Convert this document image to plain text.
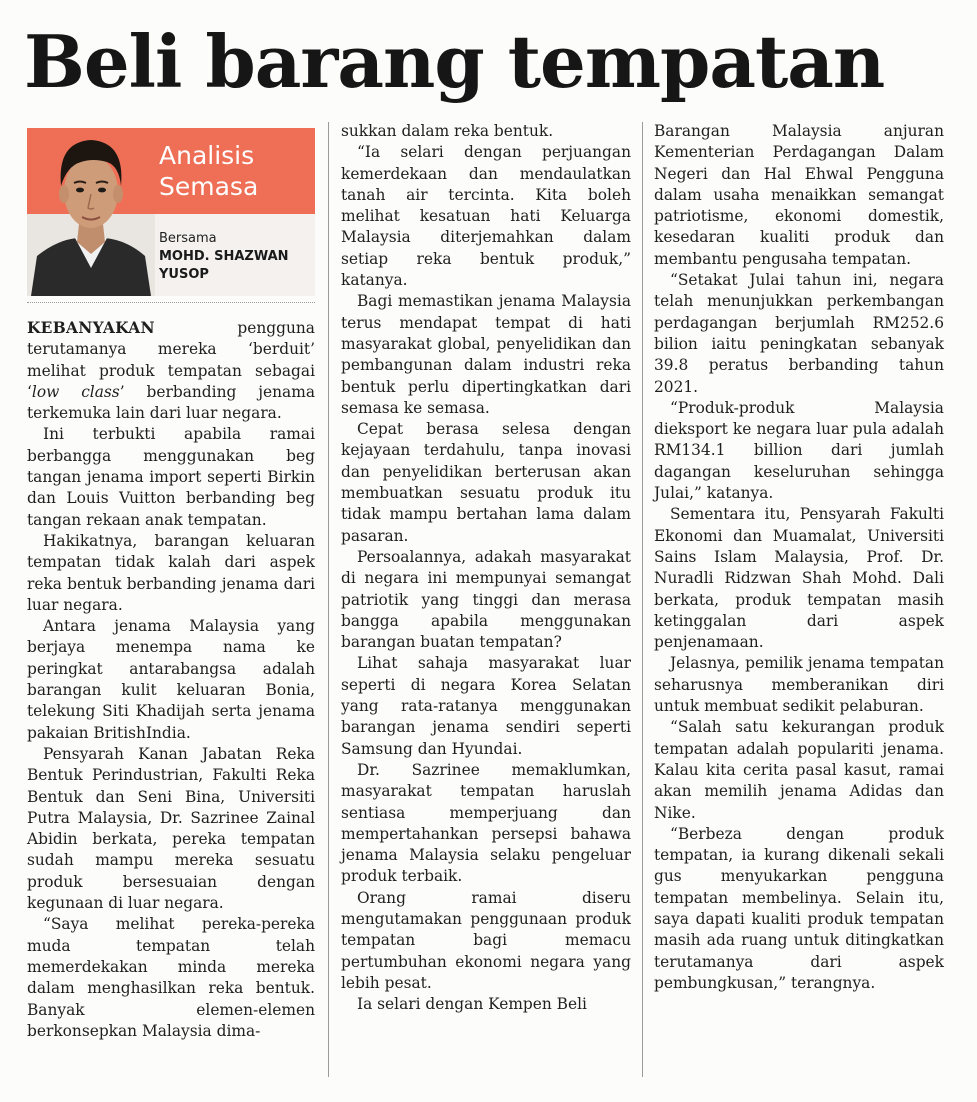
Beli barang tempatan
Analisis
Semasa
Bersama
MOHD. SHAZWAN
YUSOP

KEBANYAKAN pengguna terutamanya mereka ‘berduit’ melihat produk tempatan sebagai ‘low class’ berbanding jenama terkemuka lain dari luar negara.

Ini terbukti apabila ramai berbangga menggunakan beg tangan jenama import seperti Birkin dan Louis Vuitton berbanding beg tangan rekaan anak tempatan.

Hakikatnya, barangan keluaran tempatan tidak kalah dari aspek reka bentuk berbanding jenama dari luar negara.

Antara jenama Malaysia yang berjaya menempa nama ke peringkat antarabangsa adalah barangan kulit keluaran Bonia, telekung Siti Khadijah serta jenama pakaian BritishIndia.

Pensyarah Kanan Jabatan Reka Bentuk Perindustrian, Fakulti Reka Bentuk dan Seni Bina, Universiti Putra Malaysia, Dr. Sazrinee Zainal Abidin berkata, pereka tempatan sudah mampu mereka sesuatu produk bersesuaian dengan kegunaan di luar negara.

“Saya melihat pereka-pereka muda tempatan telah memerdekakan minda mereka dalam menghasilkan reka bentuk. Banyak elemen-elemen berkonsepkan Malaysia dima-

sukkan dalam reka bentuk.

“Ia selari dengan perjuangan kemerdekaan dan mendaulatkan tanah air tercinta. Kita boleh melihat kesatuan hati Keluarga Malaysia diterjemahkan dalam setiap reka bentuk produk,” katanya.

Bagi memastikan jenama Malaysia terus mendapat tempat di hati masyarakat global, penyelidikan dan pembangunan dalam industri reka bentuk perlu dipertingkatkan dari semasa ke semasa.

Cepat berasa selesa dengan kejayaan terdahulu, tanpa inovasi dan penyelidikan berterusan akan membuatkan sesuatu produk itu tidak mampu bertahan lama dalam pasaran.

Persoalannya, adakah masyarakat di negara ini mempunyai semangat patriotik yang tinggi dan merasa bangga apabila menggunakan barangan buatan tempatan?

Lihat sahaja masyarakat luar seperti di negara Korea Selatan yang rata-ratanya menggunakan barangan jenama sendiri seperti Samsung dan Hyundai.

Dr. Sazrinee memaklumkan, masyarakat tempatan haruslah sentiasa memperjuang dan mempertahankan persepsi bahawa jenama Malaysia selaku pengeluar produk terbaik.

Orang ramai diseru mengutamakan penggunaan produk tempatan bagi memacu pertumbuhan ekonomi negara yang lebih pesat.

Ia selari dengan Kempen Beli

Barangan Malaysia anjuran Kementerian Perdagangan Dalam Negeri dan Hal Ehwal Pengguna dalam usaha menaikkan semangat patriotisme, ekonomi domestik, kesedaran kualiti produk dan membantu pengusaha tempatan.

“Setakat Julai tahun ini, negara telah menunjukkan perkembangan perdagangan berjumlah RM252.6 bilion iaitu peningkatan sebanyak 39.8 peratus berbanding tahun 2021.

“Produk-produk Malaysia dieksport ke negara luar pula adalah RM134.1 billion dari jumlah dagangan keseluruhan sehingga Julai,” katanya.

Sementara itu, Pensyarah Fakulti Ekonomi dan Muamalat, Universiti Sains Islam Malaysia, Prof. Dr. Nuradli Ridzwan Shah Mohd. Dali berkata, produk tempatan masih ketinggalan dari aspek penjenamaan.

Jelasnya, pemilik jenama tempatan seharusnya memberanikan diri untuk membuat sedikit pelaburan.

“Salah satu kekurangan produk tempatan adalah populariti jenama. Kalau kita cerita pasal kasut, ramai akan memilih jenama Adidas dan Nike.

“Berbeza dengan produk tempatan, ia kurang dikenali sekali gus menyukarkan pengguna tempatan membelinya. Selain itu, saya dapati kualiti produk tempatan masih ada ruang untuk ditingkatkan terutamanya dari aspek pembungkusan,” terangnya.
